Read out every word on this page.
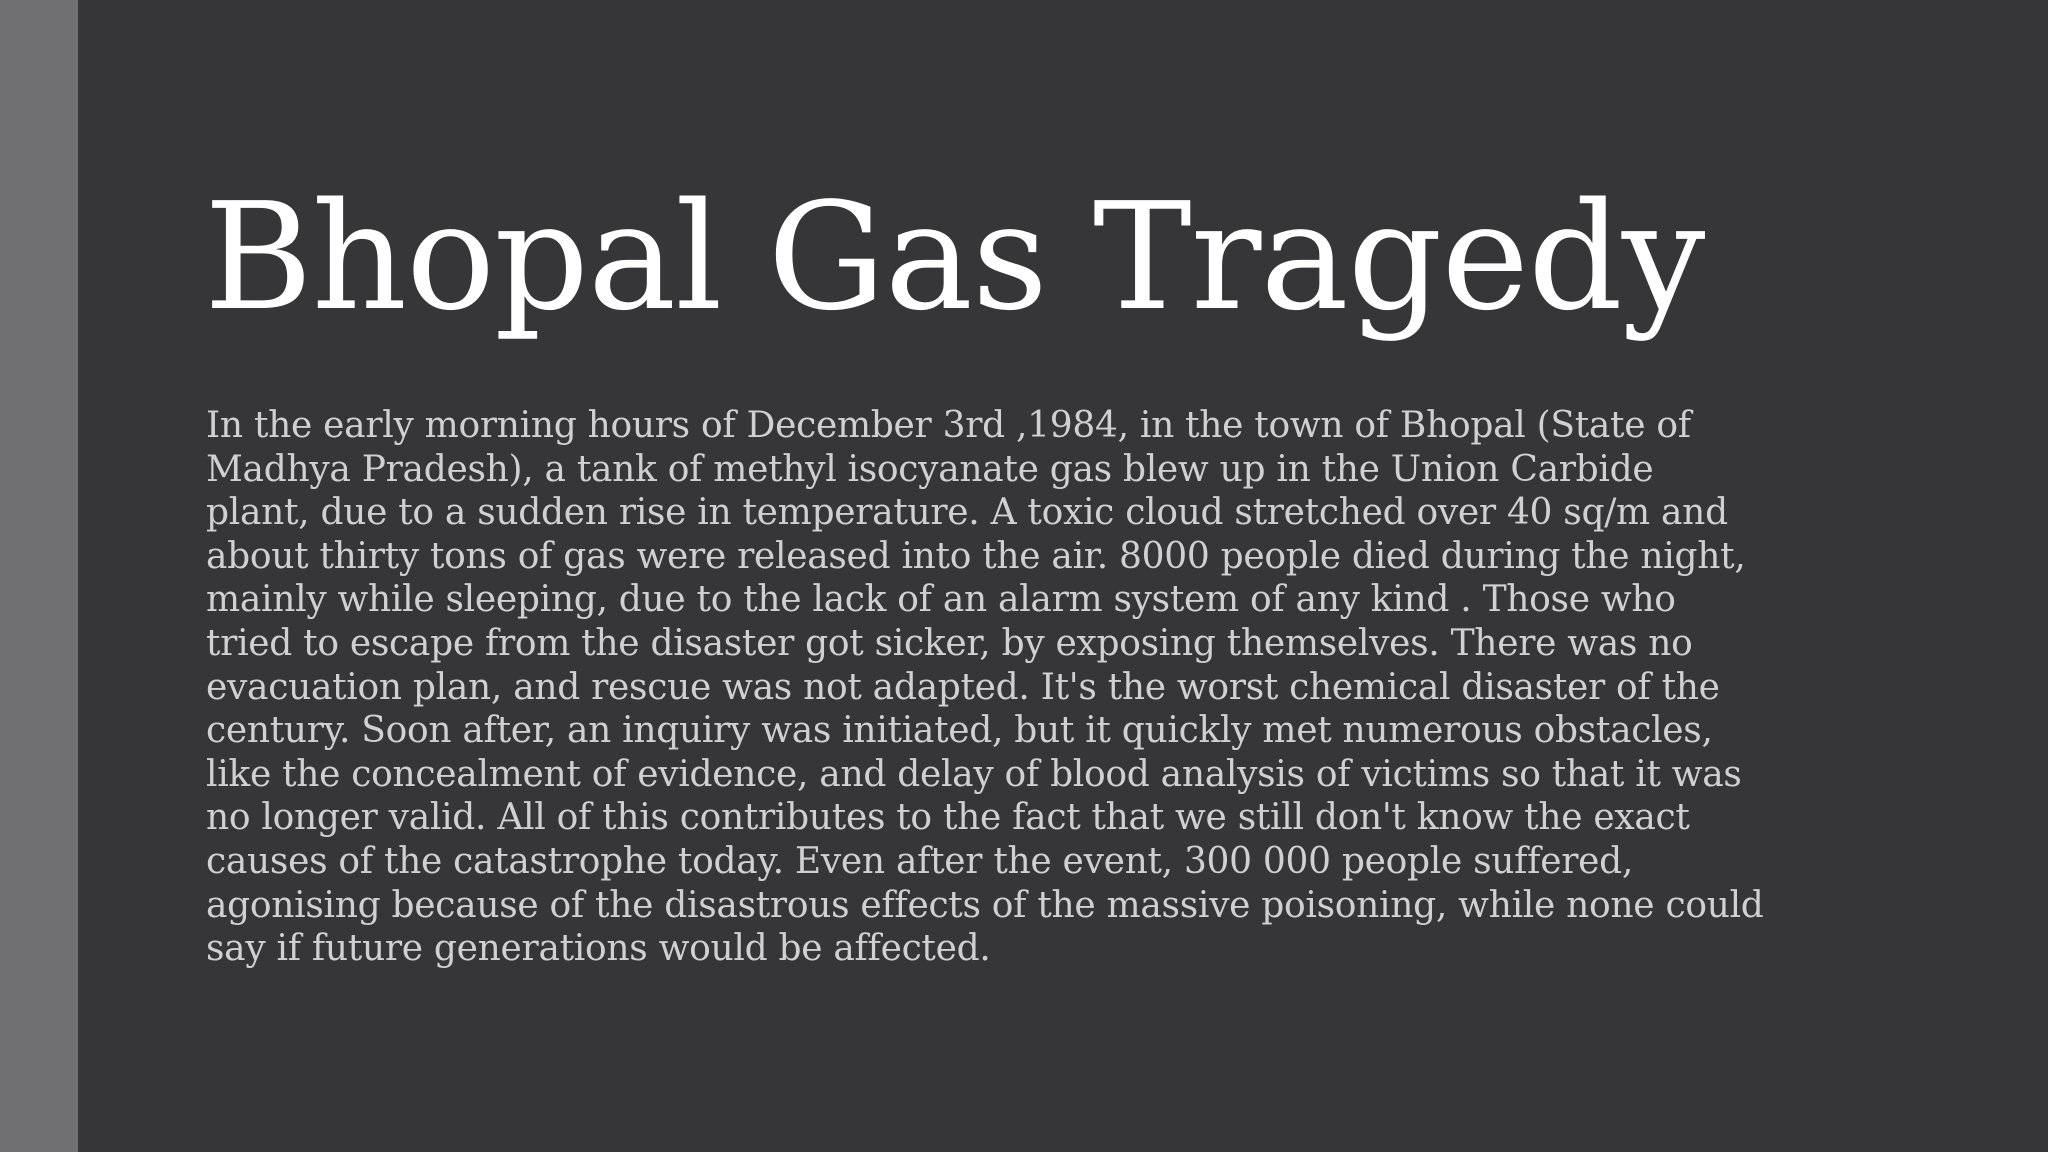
Bhopal Gas Tragedy

In the early morning hours of December 3rd ,1984, in the town of Bhopal (State of Madhya Pradesh), a tank of methyl isocyanate gas blew up in the Union Carbide plant, due to a sudden rise in temperature. A toxic cloud stretched over 40 sq/m and about thirty tons of gas were released into the air. 8000 people died during the night, mainly while sleeping, due to the lack of an alarm system of any kind . Those who tried to escape from the disaster got sicker, by exposing themselves. There was no evacuation plan, and rescue was not adapted. It's the worst chemical disaster of the century. Soon after, an inquiry was initiated, but it quickly met numerous obstacles, like the concealment of evidence, and delay of blood analysis of victims so that it was no longer valid. All of this contributes to the fact that we still don't know the exact causes of the catastrophe today. Even after the event, 300 000 people suffered, agonising because of the disastrous effects of the massive poisoning, while none could say if future generations would be affected.
